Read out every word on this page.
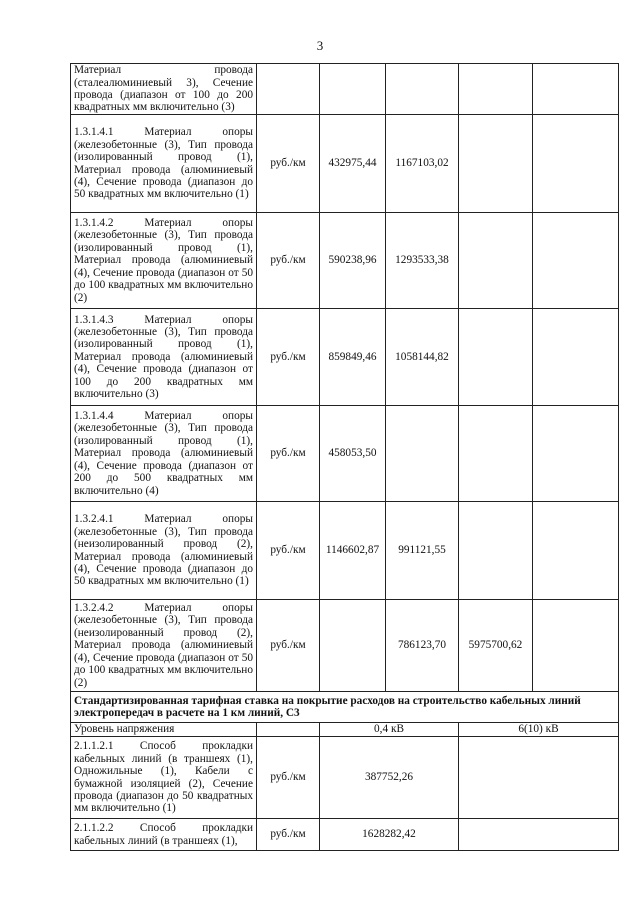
3
Материал провода (сталеалюминиевый 3), Сечение провода (диапазон от 100 до 200 квадратных мм включительно (3)					
1.3.1.4.1 Материал опоры (железобетонные (3), Тип провода (изолированный провод (1), Материал провода (алюминиевый (4), Сечение провода (диапазон до 50 квадратных мм включительно (1)	руб./км	432975,44	1167103,02		
1.3.1.4.2 Материал опоры (железобетонные (3), Тип провода (изолированный провод (1), Материал провода (алюминиевый (4), Сечение провода (диапазон от 50 до 100 квадратных мм включительно (2)	руб./км	590238,96	1293533,38		
1.3.1.4.3 Материал опоры (железобетонные (3), Тип провода (изолированный провод (1), Материал провода (алюминиевый (4), Сечение провода (диапазон от 100 до 200 квадратных мм включительно (3)	руб./км	859849,46	1058144,82		
1.3.1.4.4 Материал опоры (железобетонные (3), Тип провода (изолированный провод (1), Материал провода (алюминиевый (4), Сечение провода (диапазон от 200 до 500 квадратных мм включительно (4)	руб./км	458053,50			
1.3.2.4.1 Материал опоры (железобетонные (3), Тип провода (неизолированный провод (2), Материал провода (алюминиевый (4), Сечение провода (диапазон до 50 квадратных мм включительно (1)	руб./км	1146602,87	991121,55		
1.3.2.4.2 Материал опоры (железобетонные (3), Тип провода (неизолированный провод (2), Материал провода (алюминиевый (4), Сечение провода (диапазон от 50 до 100 квадратных мм включительно (2)	руб./км		786123,70	5975700,62	
Стандартизированная тарифная ставка на покрытие расходов на строительство кабельных линий электропередач в расчете на 1 км линий, С3					
Уровень напряжения		0,4 кВ		6(10) кВ	
2.1.1.2.1 Способ прокладки кабельных линий (в траншеях (1), Одножильные (1), Кабели с бумажной изоляцией (2), Сечение провода (диапазон до 50 квадратных мм включительно (1)	руб./км	387752,26			
2.1.1.2.2 Способ прокладки кабельных линий (в траншеях (1),	руб./км	1628282,42			
